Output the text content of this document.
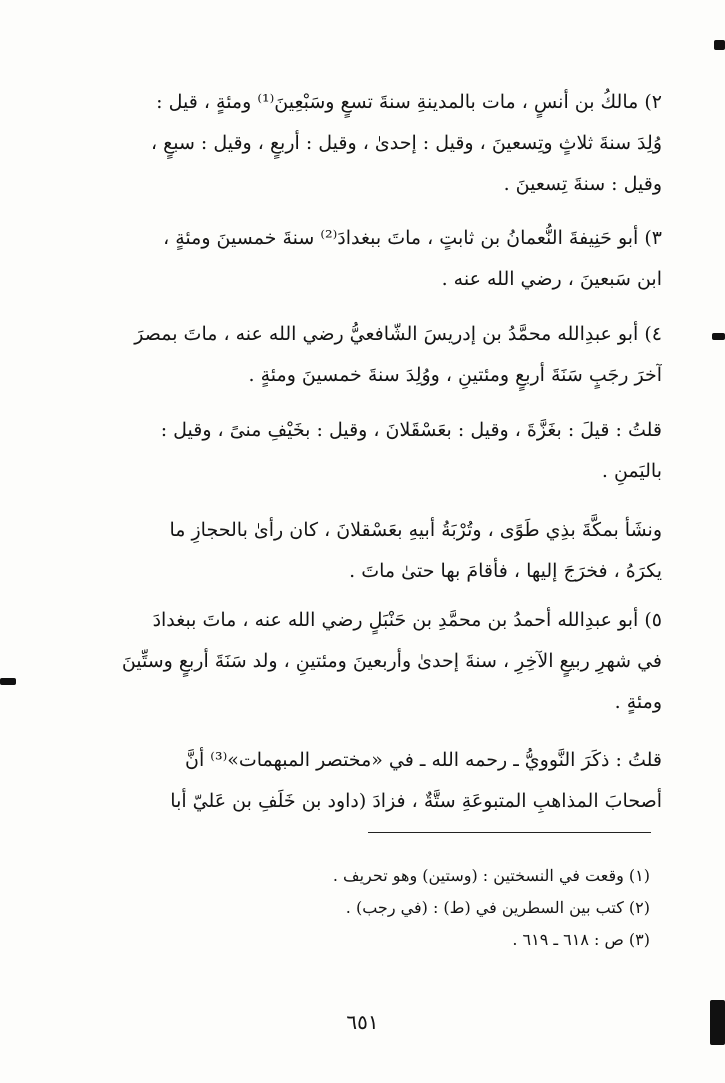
٢) مالكُ بن أنسٍ ، مات بالمدينةِ سنةَ تسعٍ وسَبْعِينَ⁽¹⁾ ومئةٍ ، قيل :
وُلِدَ سنةَ ثلاثٍ وتِسعينَ ، وقيل : إحدىٰ ، وقيل : أربعٍ ، وقيل : سبعٍ ،
وقيل : سنةَ تِسعينَ .
٣) أبو حَنِيفةَ النُّعمانُ بن ثابتٍ ، ماتَ ببغدادَ⁽²⁾ سنةَ خمسينَ ومئةٍ ،
ابن سَبعينَ ، رضي الله عنه .
٤) أبو عبدِالله محمَّدُ بن إدريسَ الشّافعيُّ رضي الله عنه ، ماتَ بمصرَ
آخرَ رجَبٍ سَنَةَ أربعٍ ومئتينِ ، ووُلِدَ سنةَ خمسينَ ومئةٍ .
قلتُ : قيلَ : بغَزَّةَ ، وقيل : بعَسْقَلانَ ، وقيل : بخَيْفِ منىً ، وقيل :
باليَمنِ .
ونشَأ بمكَّةَ بذِي طَوًى ، وتُرْبَةُ أبيهِ بعَسْقلانَ ، كان رأىٰ بالحجازِ ما
يكرَهُ ، فخرَجَ إليها ، فأقامَ بها حتىٰ ماتَ .
٥) أبو عبدِالله أحمدُ بن محمَّدِ بن حَنْبَلٍ رضي الله عنه ، ماتَ ببغدادَ
في شهرِ ربيعٍ الآخِرِ ، سنةَ إحدىٰ وأربعينَ ومئتينِ ، ولد سَنَةَ أربعٍ وستِّينَ
ومئةٍ .
قلتُ : ذكَرَ النَّوويُّ ـ رحمه الله ـ في «مختصر المبهمات»⁽³⁾ أنَّ
أصحابَ المذاهبِ المتبوعَةِ ستَّةٌ ، فزادَ (داود بن خَلَفِ بن عَليّ أبا
(١) وقعت في النسختين : (وستين) وهو تحريف .
(٢) كتب بين السطرين في (ط) : (في رجب) .
(٣) ص : ٦١٨ ـ ٦١٩ .
٦٥١
